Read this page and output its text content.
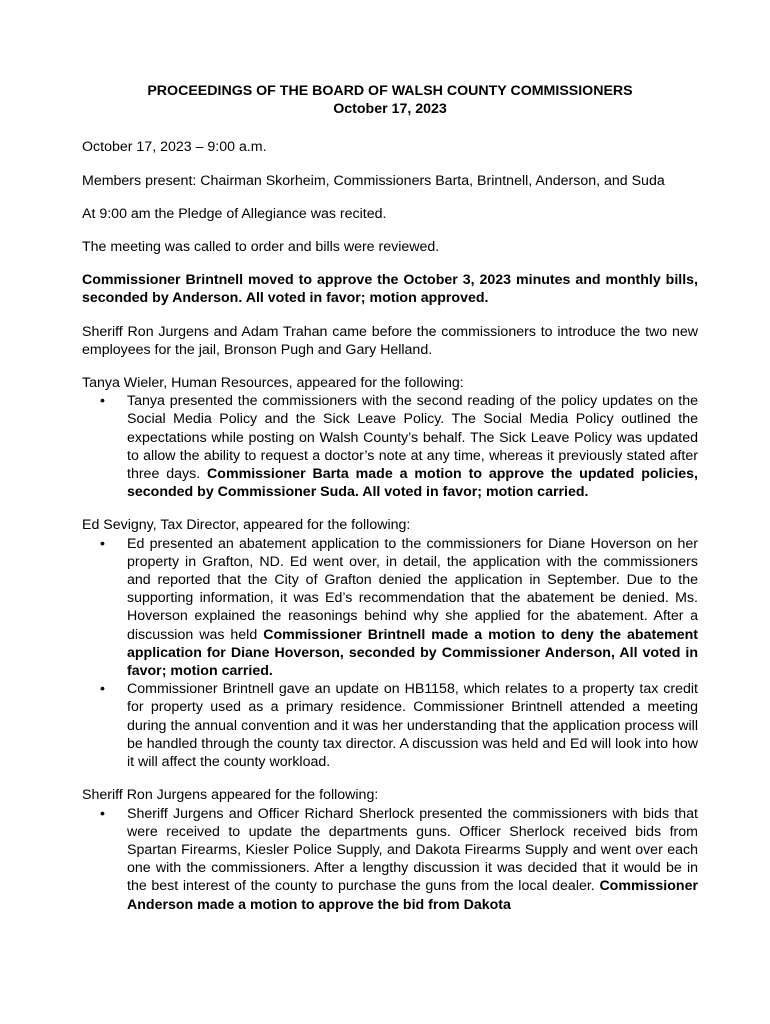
PROCEEDINGS OF THE BOARD OF WALSH COUNTY COMMISSIONERS

October 17, 2023

October 17, 2023 – 9:00 a.m.

Members present: Chairman Skorheim, Commissioners Barta, Brintnell, Anderson, and Suda

At 9:00 am the Pledge of Allegiance was recited.

The meeting was called to order and bills were reviewed.

Commissioner Brintnell moved to approve the October 3, 2023 minutes and monthly bills, seconded by Anderson. All voted in favor; motion approved.

Sheriff Ron Jurgens and Adam Trahan came before the commissioners to introduce the two new employees for the jail, Bronson Pugh and Gary Helland.

Tanya Wieler, Human Resources, appeared for the following:

• Tanya presented the commissioners with the second reading of the policy updates on the Social Media Policy and the Sick Leave Policy. The Social Media Policy outlined the expectations while posting on Walsh County’s behalf. The Sick Leave Policy was updated to allow the ability to request a doctor’s note at any time, whereas it previously stated after three days. Commissioner Barta made a motion to approve the updated policies, seconded by Commissioner Suda. All voted in favor; motion carried.

Ed Sevigny, Tax Director, appeared for the following:

• Ed presented an abatement application to the commissioners for Diane Hoverson on her property in Grafton, ND. Ed went over, in detail, the application with the commissioners and reported that the City of Grafton denied the application in September. Due to the supporting information, it was Ed’s recommendation that the abatement be denied. Ms. Hoverson explained the reasonings behind why she applied for the abatement. After a discussion was held Commissioner Brintnell made a motion to deny the abatement application for Diane Hoverson, seconded by Commissioner Anderson, All voted in favor; motion carried.
• Commissioner Brintnell gave an update on HB1158, which relates to a property tax credit for property used as a primary residence. Commissioner Brintnell attended a meeting during the annual convention and it was her understanding that the application process will be handled through the county tax director. A discussion was held and Ed will look into how it will affect the county workload.

Sheriff Ron Jurgens appeared for the following:

• Sheriff Jurgens and Officer Richard Sherlock presented the commissioners with bids that were received to update the departments guns. Officer Sherlock received bids from Spartan Firearms, Kiesler Police Supply, and Dakota Firearms Supply and went over each one with the commissioners. After a lengthy discussion it was decided that it would be in the best interest of the county to purchase the guns from the local dealer. Commissioner Anderson made a motion to approve the bid from Dakota
